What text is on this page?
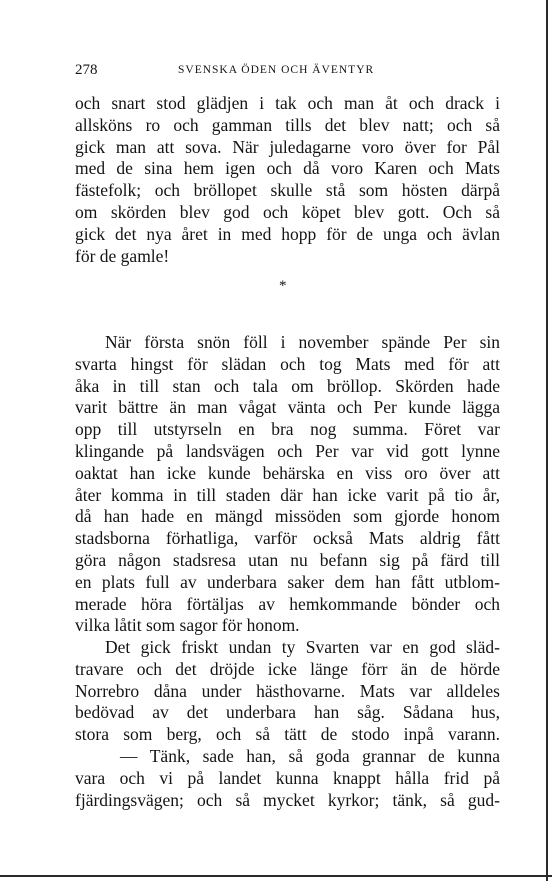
278	SVENSKA ÖDEN OCH ÄVENTYR
och snart stod glädjen i tak och man åt och drack i
allsköns ro och gamman tills det blev natt; och så
gick man att sova. När juledagarne voro över for Pål
med de sina hem igen och då voro Karen och Mats
fästefolk; och bröllopet skulle stå som hösten därpå
om skörden blev god och köpet blev gott. Och så
gick det nya året in med hopp för de unga och ävlan
för de gamle!
*
När första snön föll i november spände Per sin
svarta hingst för slädan och tog Mats med för att
åka in till stan och tala om bröllop. Skörden hade
varit bättre än man vågat vänta och Per kunde lägga
opp till utstyrseln en bra nog summa. Föret var
klingande på landsvägen och Per var vid gott lynne
oaktat han icke kunde behärska en viss oro över att
åter komma in till staden där han icke varit på tio år,
då han hade en mängd missöden som gjorde honom
stadsborna förhatliga, varför också Mats aldrig fått
göra någon stadsresa utan nu befann sig på färd till
en plats full av underbara saker dem han fått utblom-
merade höra förtäljas av hemkommande bönder och
vilka låtit som sagor för honom.
Det gick friskt undan ty Svarten var en god släd-
travare och det dröjde icke länge förr än de hörde
Norrebro dåna under hästhovarne. Mats var alldeles
bedövad av det underbara han såg. Sådana hus,
stora som berg, och så tätt de stodo inpå varann.
— Tänk, sade han, så goda grannar de kunna
vara och vi på landet kunna knappt hålla frid på
fjärdingsvägen; och så mycket kyrkor; tänk, så gud-
